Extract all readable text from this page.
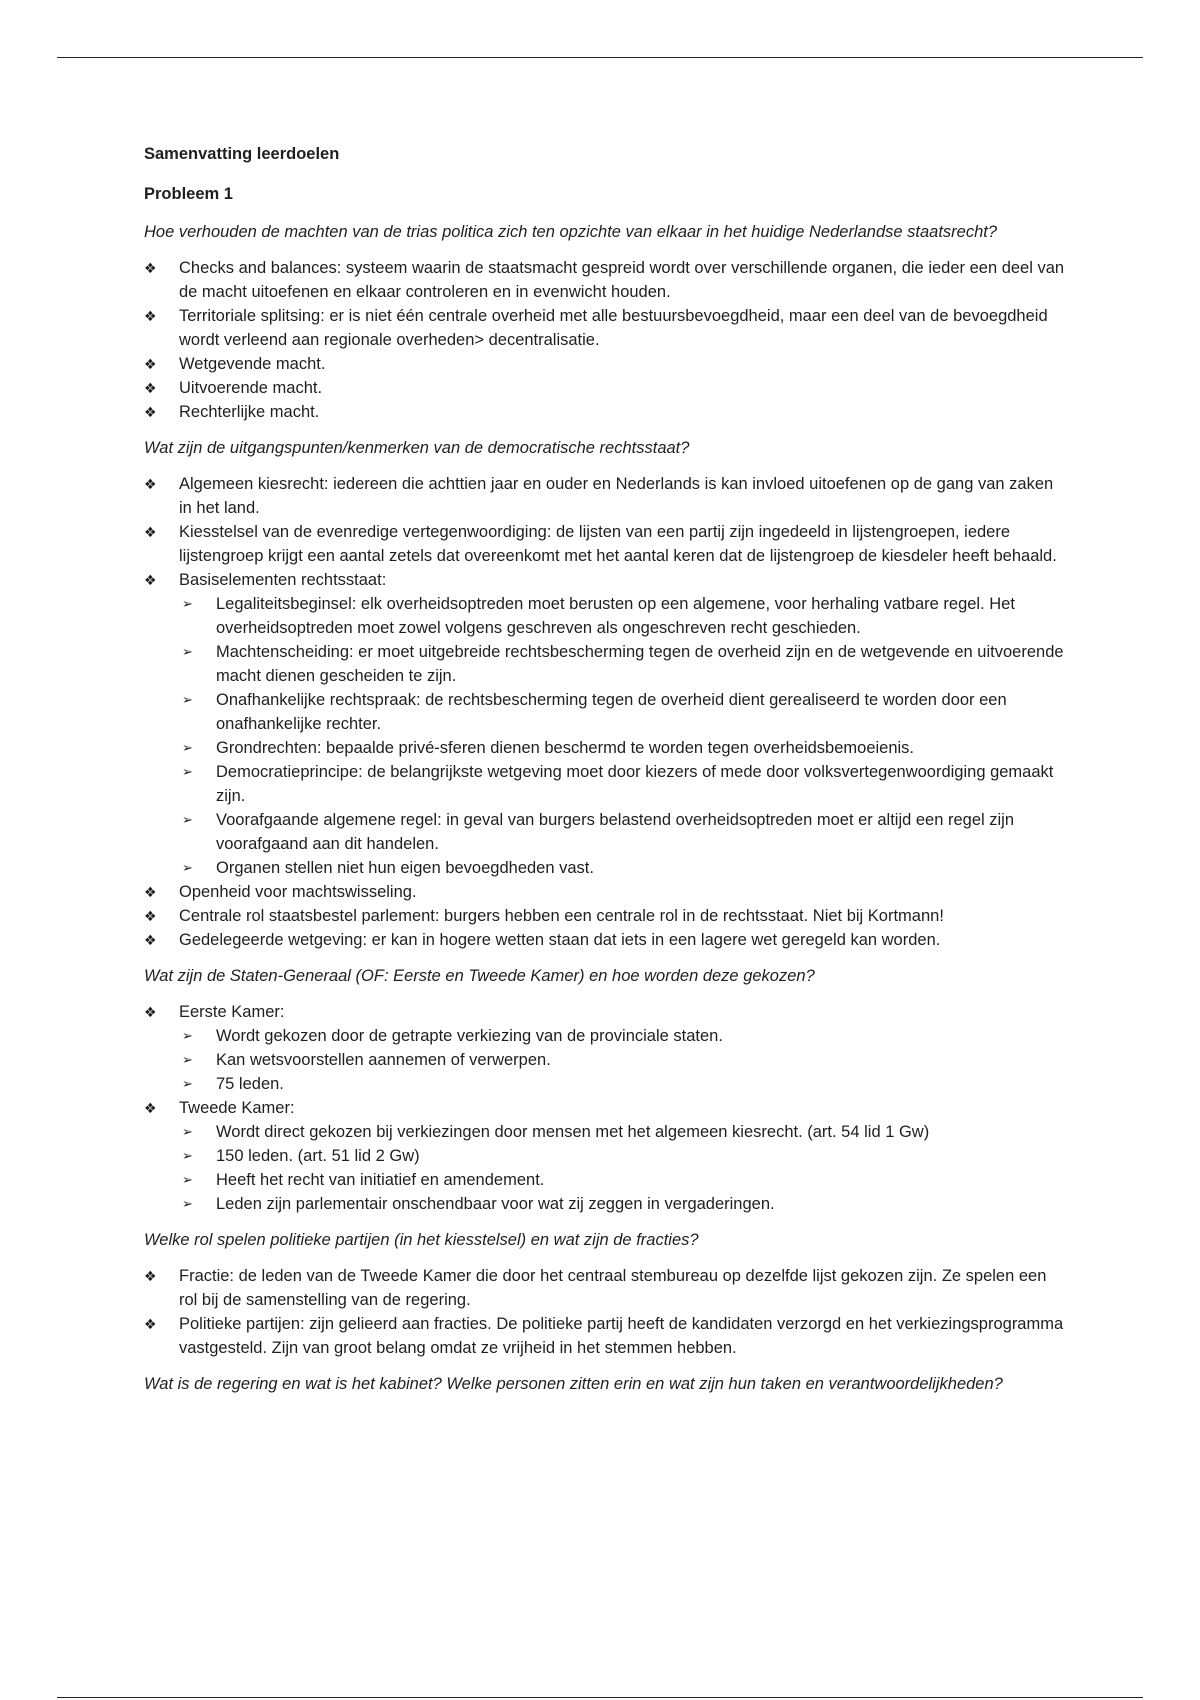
Samenvatting leerdoelen
Probleem 1
Hoe verhouden de machten van de trias politica zich ten opzichte van elkaar in het huidige Nederlandse staatsrecht?
❖ Checks and balances: systeem waarin de staatsmacht gespreid wordt over verschillende organen, die ieder een deel van de macht uitoefenen en elkaar controleren en in evenwicht houden.
❖ Territoriale splitsing: er is niet één centrale overheid met alle bestuursbevoegdheid, maar een deel van de bevoegdheid wordt verleend aan regionale overheden> decentralisatie.
❖ Wetgevende macht.
❖ Uitvoerende macht.
❖ Rechterlijke macht.
Wat zijn de uitgangspunten/kenmerken van de democratische rechtsstaat?
❖ Algemeen kiesrecht: iedereen die achttien jaar en ouder en Nederlands is kan invloed uitoefenen op de gang van zaken in het land.
❖ Kiesstelsel van de evenredige vertegenwoordiging: de lijsten van een partij zijn ingedeeld in lijstengroepen, iedere lijstengroep krijgt een aantal zetels dat overeenkomt met het aantal keren dat de lijstengroep de kiesdeler heeft behaald.
❖ Basiselementen rechtsstaat:
➢ Legaliteitsbeginsel: elk overheidsoptreden moet berusten op een algemene, voor herhaling vatbare regel. Het overheidsoptreden moet zowel volgens geschreven als ongeschreven recht geschieden.
➢ Machtenscheiding: er moet uitgebreide rechtsbescherming tegen de overheid zijn en de wetgevende en uitvoerende macht dienen gescheiden te zijn.
➢ Onafhankelijke rechtspraak: de rechtsbescherming tegen de overheid dient gerealiseerd te worden door een onafhankelijke rechter.
➢ Grondrechten: bepaalde privé-sferen dienen beschermd te worden tegen overheidsbemoeienis.
➢ Democratieprincipe: de belangrijkste wetgeving moet door kiezers of mede door volksvertegenwoordiging gemaakt zijn.
➢ Voorafgaande algemene regel: in geval van burgers belastend overheidsoptreden moet er altijd een regel zijn voorafgaand aan dit handelen.
➢ Organen stellen niet hun eigen bevoegdheden vast.
❖ Openheid voor machtswisseling.
❖ Centrale rol staatsbestel parlement: burgers hebben een centrale rol in de rechtsstaat. Niet bij Kortmann!
❖ Gedelegeerde wetgeving: er kan in hogere wetten staan dat iets in een lagere wet geregeld kan worden.
Wat zijn de Staten-Generaal (OF: Eerste en Tweede Kamer) en hoe worden deze gekozen?
❖ Eerste Kamer:
➢ Wordt gekozen door de getrapte verkiezing van de provinciale staten.
➢ Kan wetsvoorstellen aannemen of verwerpen.
➢ 75 leden.
❖ Tweede Kamer:
➢ Wordt direct gekozen bij verkiezingen door mensen met het algemeen kiesrecht. (art. 54 lid 1 Gw)
➢ 150 leden. (art. 51 lid 2 Gw)
➢ Heeft het recht van initiatief en amendement.
➢ Leden zijn parlementair onschendbaar voor wat zij zeggen in vergaderingen.
Welke rol spelen politieke partijen (in het kiesstelsel) en wat zijn de fracties?
❖ Fractie: de leden van de Tweede Kamer die door het centraal stembureau op dezelfde lijst gekozen zijn. Ze spelen een rol bij de samenstelling van de regering.
❖ Politieke partijen: zijn gelieerd aan fracties. De politieke partij heeft de kandidaten verzorgd en het verkiezingsprogramma vastgesteld. Zijn van groot belang omdat ze vrijheid in het stemmen hebben.
Wat is de regering en wat is het kabinet? Welke personen zitten erin en wat zijn hun taken en verantwoordelijkheden?
